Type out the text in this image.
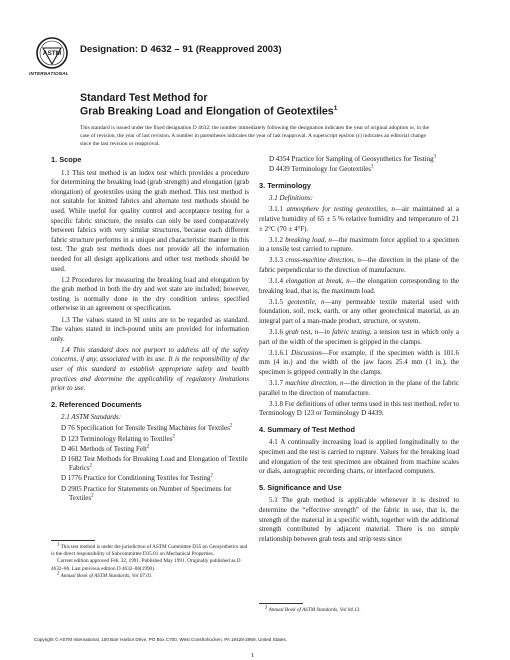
ASTM
INTERNATIONAL
Designation: D 4632 – 91 (Reapproved 2003)
Standard Test Method for
Grab Breaking Load and Elongation of Geotextiles$^1$

This standard is issued under the fixed designation D 4632; the number immediately following the designation indicates the year of original adoption or, in the case of revision, the year of last revision. A number in parentheses indicates the year of last reapproval. A superscript epsilon (ε) indicates an editorial change since the last revision or reapproval.

1. Scope

1.1 This test method is an index test which provides a procedure for determining the breaking load (grab strength) and elongation (grab elongation) of geotextiles using the grab method. This test method is not suitable for knitted fabrics and alternate test methods should be used. While useful for quality control and acceptance testing for a specific fabric structure, the results can only be used comparatively between fabrics with very similar structures, because each different fabric structure performs in a unique and characteristic manner in this test. The grab test methods does not provide all the information needed for all design applications and other test methods should be used.

1.2 Procedures for measuring the breaking load and elongation by the grab method in both the dry and wet state are included; however, testing is normally done in the dry condition unless specified otherwise in an agreement or specification.

1.3 The values stated in SI units are to be regarded as standard. The values stated in inch-pound units are provided for information only.

1.4 This standard does not purport to address all of the safety concerns, if any, associated with its use. It is the responsibility of the user of this standard to establish appropriate safety and health practices and determine the applicability of regulatory limitations prior to use.

2. Referenced Documents

2.1 ASTM Standards:

D 76 Specification for Tensile Testing Machines for Textiles$^2$

D 123 Terminology Relating to Textiles$^2$

D 461 Methods of Testing Felt$^2$

D 1682 Test Methods for Breaking Load and Elongation of Textile Fabrics$^2$

D 1776 Practice for Conditioning Textiles for Testing$^2$

D 2905 Practice for Statements on Number of Specimens for Textiles$^2$

1 This test method is under the jurisdiction of ASTM Committee D35 on Geosynthetics and is the direct responsibility of Subcommittee D35.01 on Mechanical Properties.

Current edition approved Feb. 22, 1991. Published May 1991. Originally published as D 4632–86. Last previous edition D 4632–86(1990).

2 Annual Book of ASTM Standards, Vol 07.01.

D 4354 Practice for Sampling of Geosynthetics for Testing$^3$

D 4439 Terminology for Geotextiles$^3$

3. Terminology

3.1 Definitions:

3.1.1 atmosphere for testing geotextiles, n—air maintained at a relative humidity of 65 ± 5 % relative humidity and temperature of 21 ± 2°C (70 ± 4°F).

3.1.2 breaking load, n—the maximum force applied to a specimen in a tensile test carried to rupture.

3.1.3 cross-machine direction, n—the direction in the plane of the fabric perpendicular to the direction of manufacture.

3.1.4 elongation at break, n—the elongation corresponding to the breaking load, that is, the maximum load.

3.1.5 geotextile, n—any permeable textile material used with foundation, soil, rock, earth, or any other geotechnical material, as an integral part of a man-made product, structure, or system.

3.1.6 grab test, n—in fabric testing, a tension test in which only a part of the width of the specimen is gripped in the clamps.

3.1.6.1 Discussion—For example, if the specimen width is 101.6 mm (4 in.) and the width of the jaw faces 25.4 mm (1 in.), the specimen is gripped centrally in the clamps.

3.1.7 machine direction, n—the direction in the plane of the fabric parallel to the direction of manufacture.

3.1.8 For definitions of other terms used in this test method, refer to Terminology D 123 or Terminology D 4439.

4. Summary of Test Method

4.1 A continually increasing load is applied longitudinally to the specimen and the test is carried to rupture. Values for the breaking load and elongation of the test specimen are obtained from machine scales or dials, autographic recording charts, or interfaced computers.

5. Significance and Use

5.1 The grab method is applicable whenever it is desired to determine the “effective strength” of the fabric in use, that is, the strength of the material in a specific width, together with the additional strength contributed by adjacent material. There is no simple relationship between grab tests and strip tests since

3 Annual Book of ASTM Standards, Vol 04.13.

Copyright © ASTM International, 100 Barr Harbor Drive, PO Box C700, West Conshohocken, PA 19428-2959, United States.
1
